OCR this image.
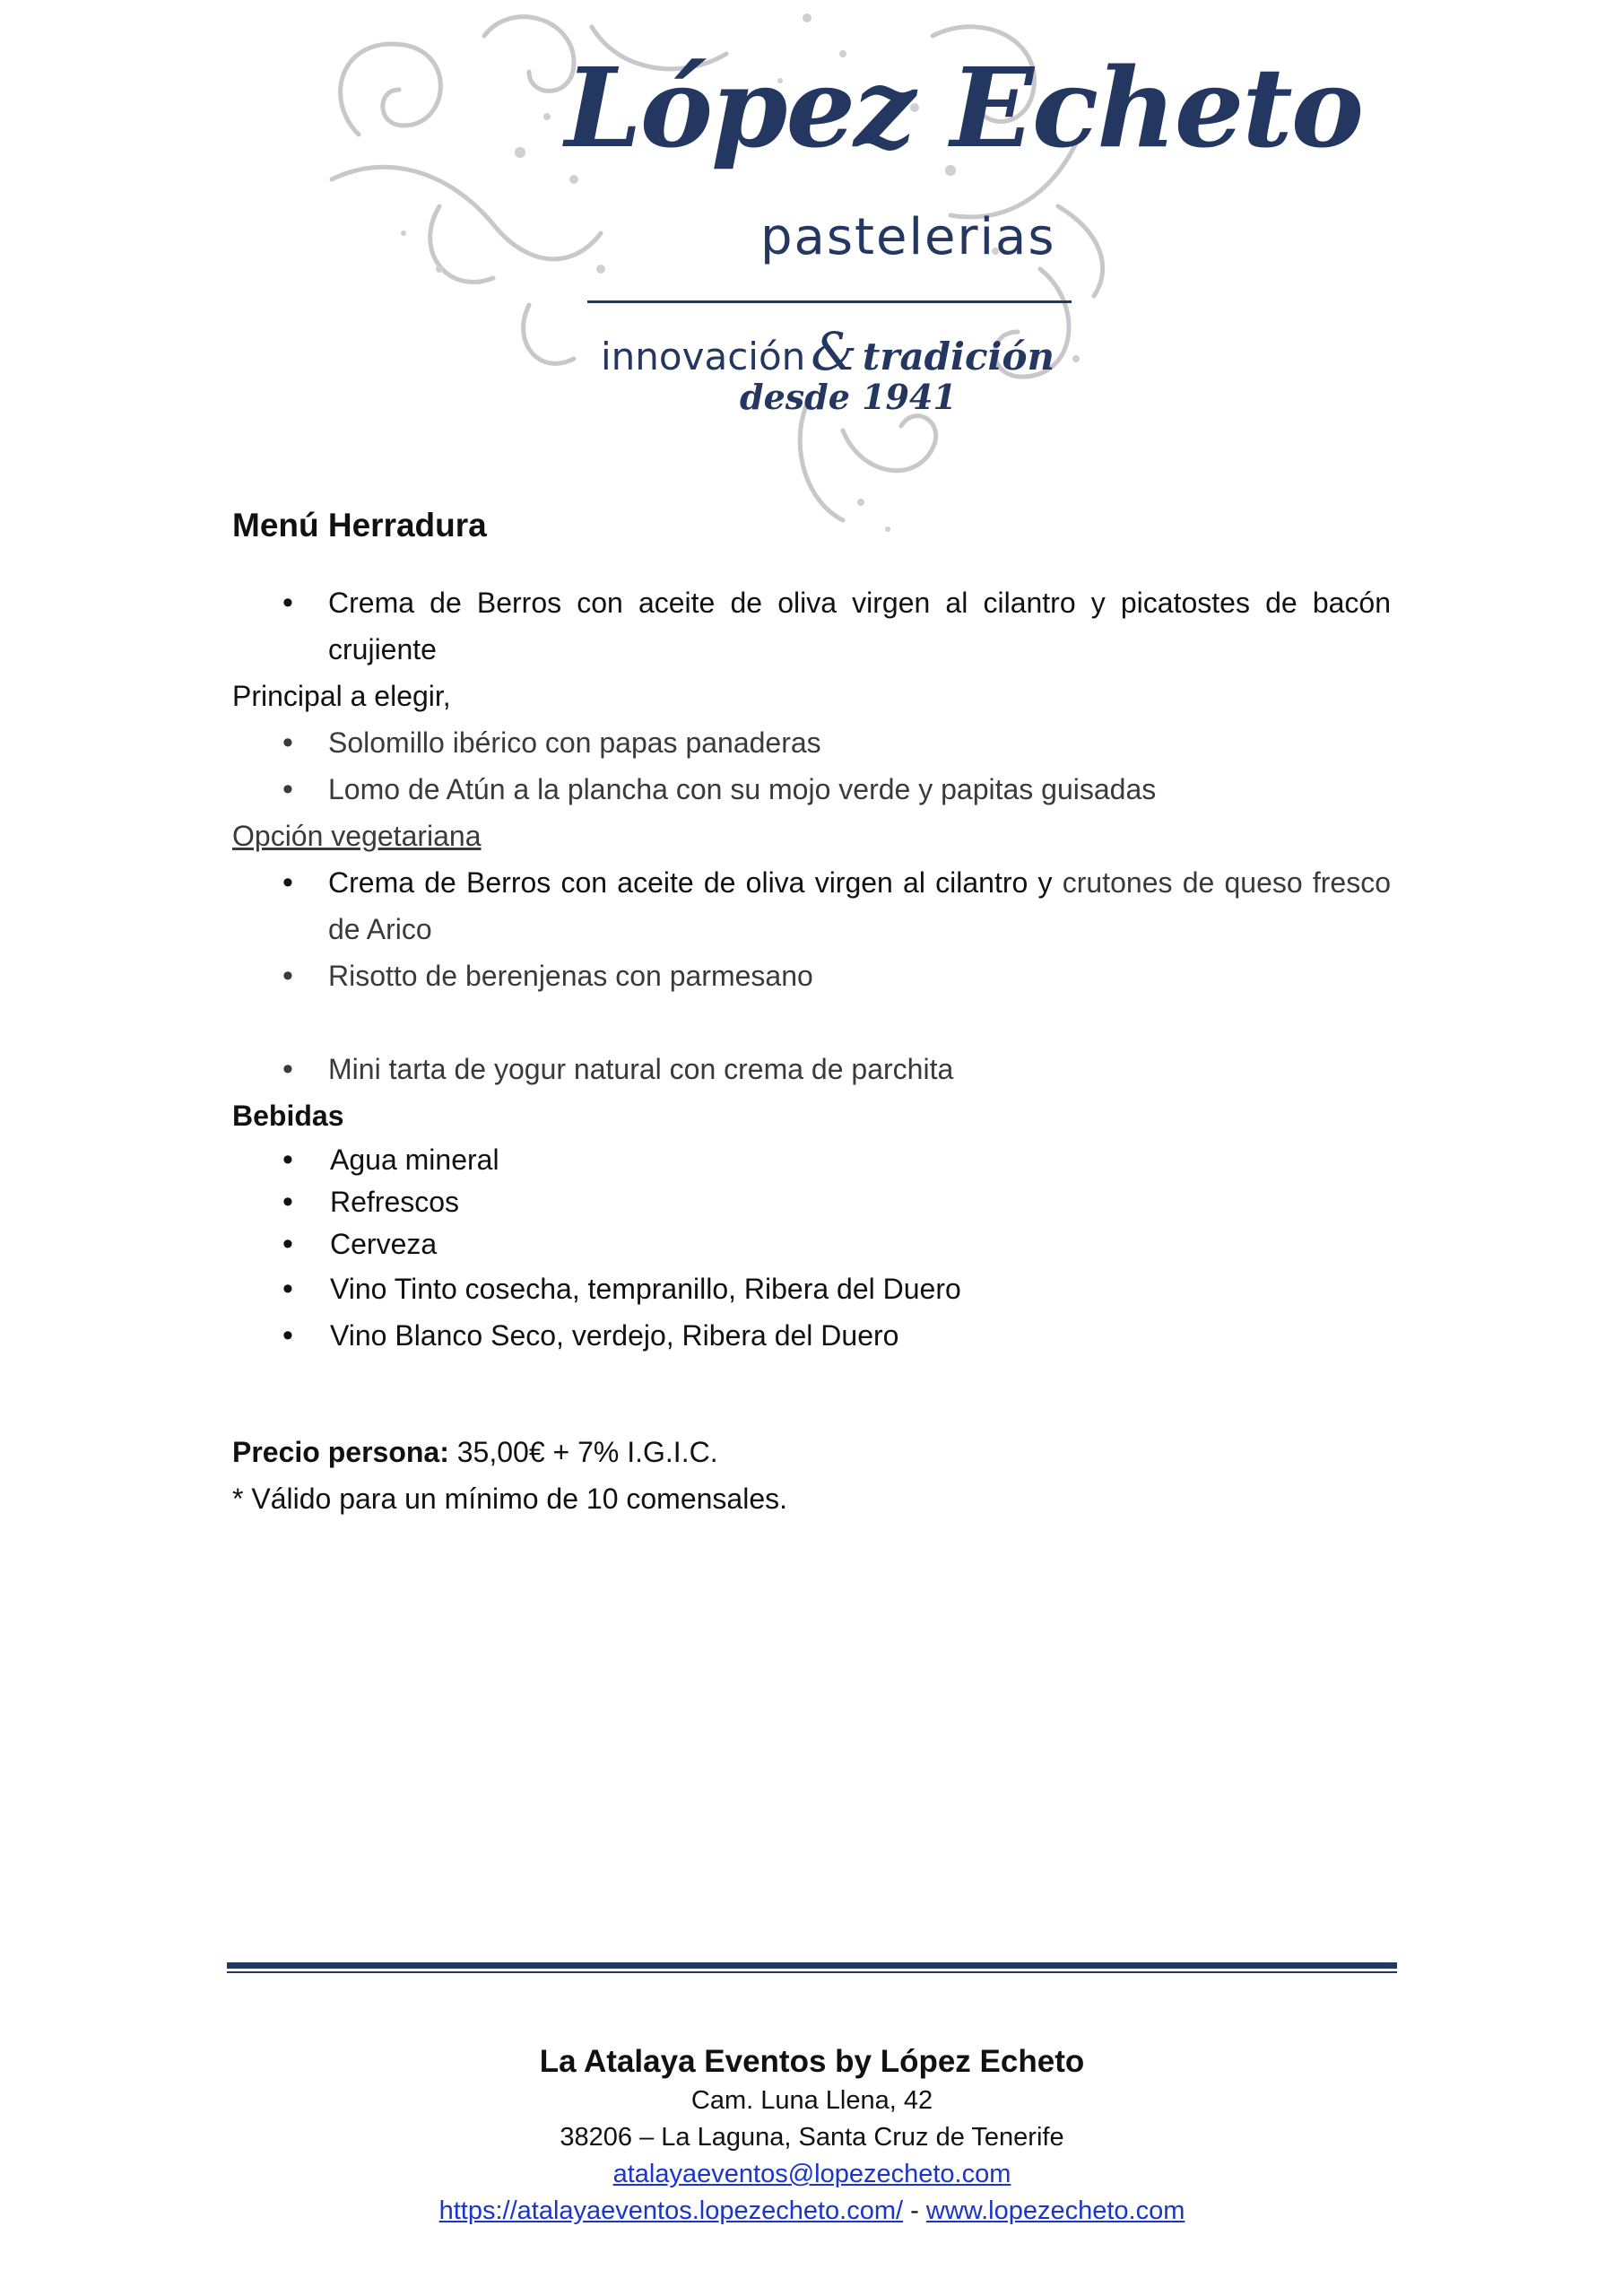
López Echeto
pastelerias
innovación & tradición
desde 1941
Menú Herradura
• Crema de Berros con aceite de oliva virgen al cilantro y picatostes de bacón crujiente
Principal a elegir,
• Solomillo ibérico con papas panaderas
• Lomo de Atún a la plancha con su mojo verde y papitas guisadas
Opción vegetariana
• Crema de Berros con aceite de oliva virgen al cilantro y crutones de queso fresco de Arico
• Risotto de berenjenas con parmesano
• Mini tarta de yogur natural con crema de parchita
Bebidas
• Agua mineral
• Refrescos
• Cerveza
• Vino Tinto cosecha, tempranillo, Ribera del Duero
• Vino Blanco Seco, verdejo, Ribera del Duero
Precio persona: 35,00€ + 7% I.G.I.C.
* Válido para un mínimo de 10 comensales.
La Atalaya Eventos by López Echeto
Cam. Luna Llena, 42
38206 – La Laguna, Santa Cruz de Tenerife
atalayaeventos@lopezecheto.com
https://atalayaeventos.lopezecheto.com/ - www.lopezecheto.com
